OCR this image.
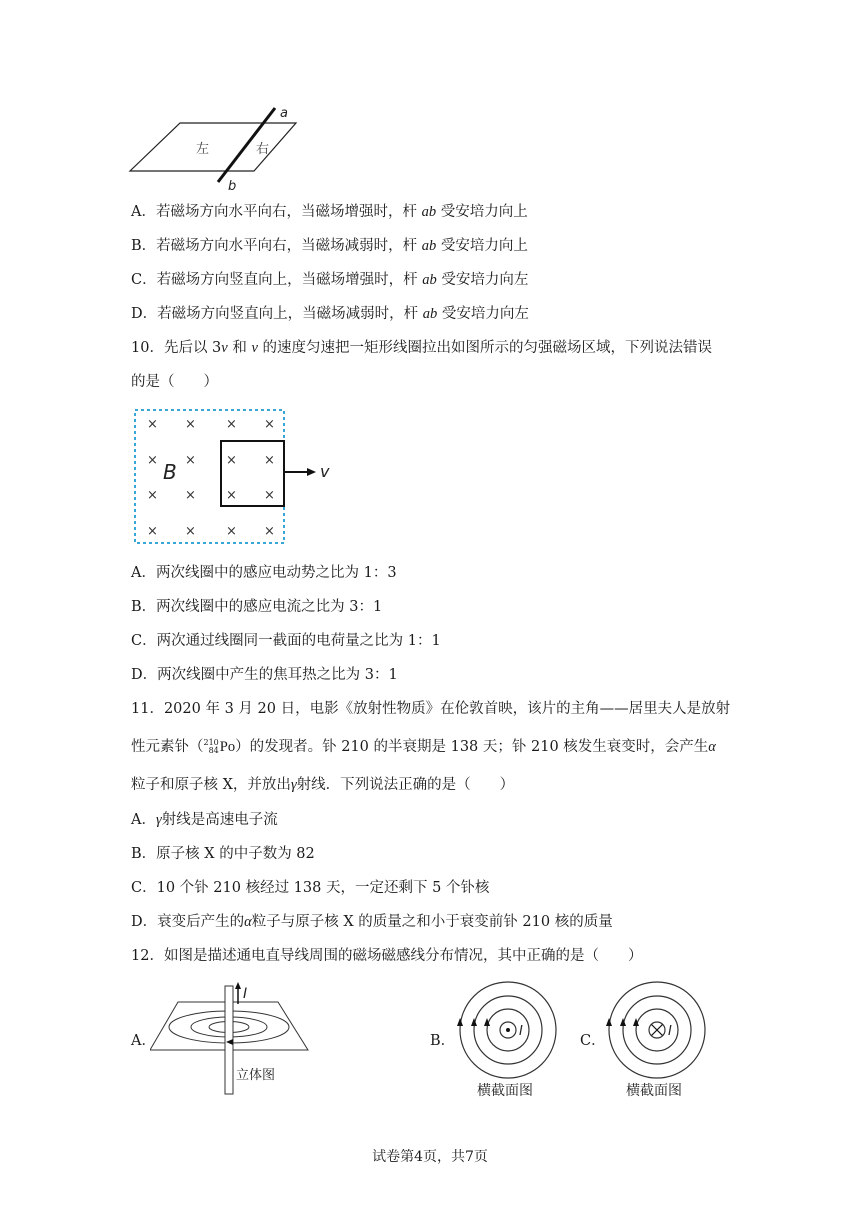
a
b
左	右
A．若磁场方向水平向右，当磁场增强时，杆 ab 受安培力向上
B．若磁场方向水平向右，当磁场减弱时，杆 ab 受安培力向上
C．若磁场方向竖直向上，当磁场增强时，杆 ab 受安培力向左
D．若磁场方向竖直向上，当磁场减弱时，杆 ab 受安培力向左
10．先后以 3v 和 v 的速度匀速把一矩形线圈拉出如图所示的匀强磁场区域，下列说法错误
的是（　　）
× × × ×
× × × ×
× × × ×
× × × ×
B	v
A．两次线圈中的感应电动势之比为 1：3
B．两次线圈中的感应电流之比为 3：1
C．两次通过线圈同一截面的电荷量之比为 1：1
D．两次线圈中产生的焦耳热之比为 3：1
11．2020 年 3 月 20 日，电影《放射性物质》在伦敦首映，该片的主角——居里夫人是放射
性元素钋（210
84Po）的发现者。钋 210 的半衰期是 138 天；钋 210 核发生衰变时，会产生α
粒子和原子核 X，并放出γ射线．下列说法正确的是（　　）
A．γ射线是高速电子流
B．原子核 X 的中子数为 82
C．10 个钋 210 核经过 138 天，一定还剩下 5 个钋核
D．衰变后产生的α粒子与原子核 X 的质量之和小于衰变前钋 210 核的质量
12．如图是描述通电直导线周围的磁场磁感线分布情况，其中正确的是（　　）
A．
I
立体图
B．
I
横截面图
C．
I
横截面图
试卷第4页，共7页
